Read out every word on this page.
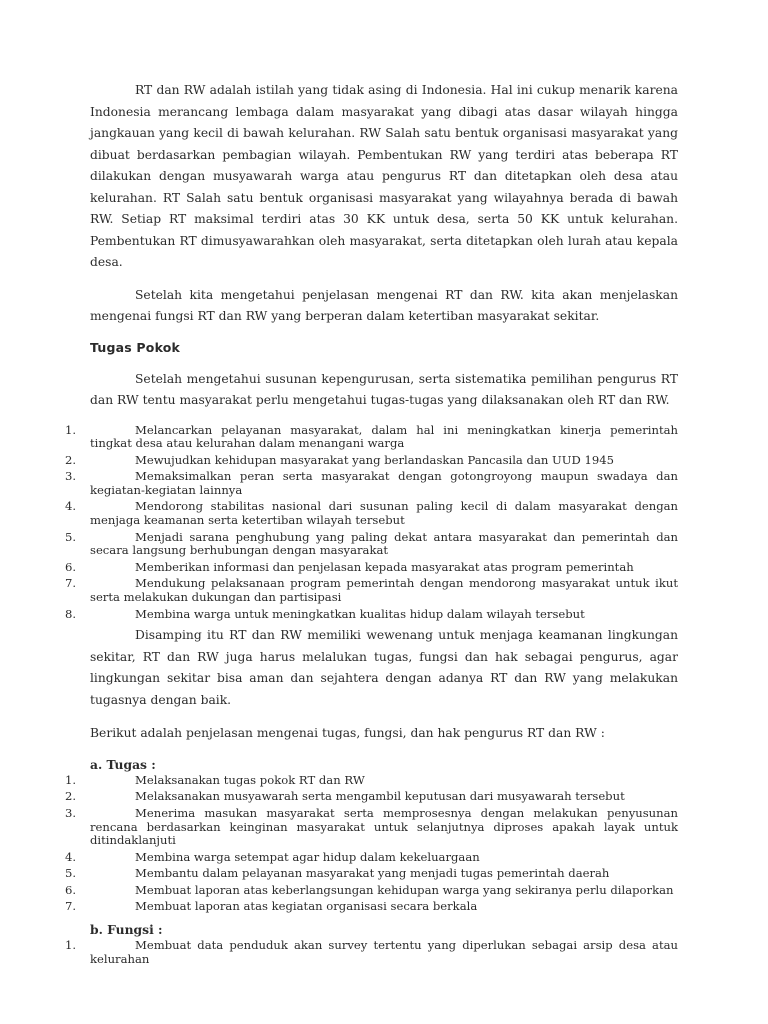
RT dan RW adalah istilah yang tidak asing di Indonesia. Hal ini cukup menarik karena Indonesia merancang lembaga dalam masyarakat yang dibagi atas dasar wilayah hingga jangkauan yang kecil di bawah kelurahan. RW Salah satu bentuk organisasi masyarakat yang dibuat berdasarkan pembagian wilayah. Pembentukan RW yang terdiri atas beberapa RT dilakukan dengan musyawarah warga atau pengurus RT dan ditetapkan oleh desa atau kelurahan. RT Salah satu bentuk organisasi masyarakat yang wilayahnya berada di bawah RW. Setiap RT maksimal terdiri atas 30 KK untuk desa, serta 50 KK untuk kelurahan. Pembentukan RT dimusyawarahkan oleh masyarakat, serta ditetapkan oleh lurah atau kepala desa.

Setelah kita mengetahui penjelasan mengenai RT dan RW. kita akan menjelaskan mengenai fungsi RT dan RW yang berperan dalam ketertiban masyarakat sekitar.

Tugas Pokok

Setelah mengetahui susunan kepengurusan, serta sistematika pemilihan pengurus RT dan RW tentu masyarakat perlu mengetahui tugas-tugas yang dilaksanakan oleh RT dan RW.

1.	Melancarkan pelayanan masyarakat, dalam hal ini meningkatkan kinerja pemerintah tingkat desa atau kelurahan dalam menangani warga
2.	Mewujudkan kehidupan masyarakat yang berlandaskan Pancasila dan UUD 1945
3.	Memaksimalkan peran serta masyarakat dengan gotongroyong maupun swadaya dan kegiatan-kegiatan lainnya
4.	Mendorong stabilitas nasional dari susunan paling kecil di dalam masyarakat dengan menjaga keamanan serta ketertiban wilayah tersebut
5.	Menjadi sarana penghubung yang paling dekat antara masyarakat dan pemerintah dan secara langsung berhubungan dengan masyarakat
6.	Memberikan informasi dan penjelasan kepada masyarakat atas program pemerintah
7.	Mendukung pelaksanaan program pemerintah dengan mendorong masyarakat untuk ikut serta melakukan dukungan dan partisipasi
8.	Membina warga untuk meningkatkan kualitas hidup dalam wilayah tersebut

Disamping itu RT dan RW memiliki wewenang untuk menjaga keamanan lingkungan sekitar, RT dan RW juga harus melalukan tugas, fungsi dan hak sebagai pengurus, agar lingkungan sekitar bisa aman dan sejahtera dengan adanya RT dan RW yang melakukan tugasnya dengan baik.

Berikut adalah penjelasan mengenai tugas, fungsi, dan hak pengurus RT dan RW :

a. Tugas :

1.	Melaksanakan tugas pokok RT dan RW
2.	Melaksanakan musyawarah serta mengambil keputusan dari musyawarah tersebut
3.	Menerima masukan masyarakat serta memprosesnya dengan melakukan penyusunan rencana berdasarkan keinginan masyarakat untuk selanjutnya diproses apakah layak untuk ditindaklanjuti
4.	Membina warga setempat agar hidup dalam kekeluargaan
5.	Membantu dalam pelayanan masyarakat yang menjadi tugas pemerintah daerah
6.	Membuat laporan atas keberlangsungan kehidupan warga yang sekiranya perlu dilaporkan
7.	Membuat laporan atas kegiatan organisasi secara berkala

b. Fungsi :

1.	Membuat data penduduk akan survey tertentu yang diperlukan sebagai arsip desa atau kelurahan
